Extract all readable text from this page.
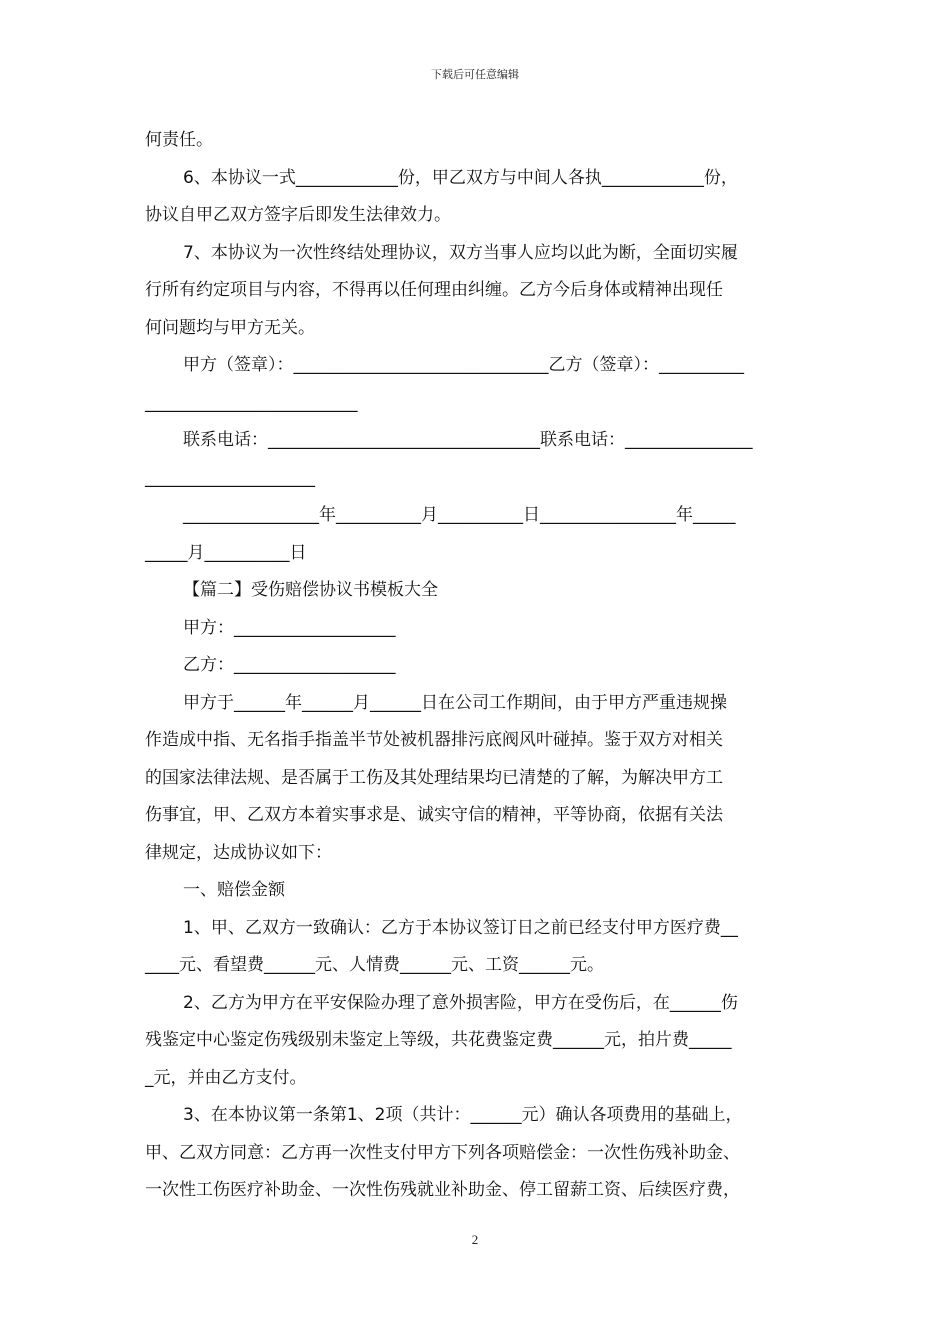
下载后可任意编辑
何责任。
6、本协议一式____________份，甲乙双方与中间人各执____________份，
协议自甲乙双方签字后即发生法律效力。
7、本协议为一次性终结处理协议，双方当事人应均以此为断，全面切实履
行所有约定项目与内容，不得再以任何理由纠缠。乙方今后身体或精神出现任
何问题均与甲方无关。
甲方（签章）：______________________________乙方（签章）：__________
_________________________
联系电话：________________________________联系电话：_______________
____________________
________________年__________月__________日________________年_____
_____月__________日
【篇二】受伤赔偿协议书模板大全
甲方：___________________
乙方：___________________
甲方于______年______月______日在公司工作期间，由于甲方严重违规操
作造成中指、无名指手指盖半节处被机器排污底阀风叶碰掉。鉴于双方对相关
的国家法律法规、是否属于工伤及其处理结果均已清楚的了解，为解决甲方工
伤事宜，甲、乙双方本着实事求是、诚实守信的精神，平等协商，依据有关法
律规定，达成协议如下：
一、赔偿金额
1、甲、乙双方一致确认：乙方于本协议签订日之前已经支付甲方医疗费__
____元、看望费______元、人情费______元、工资______元。
2、乙方为甲方在平安保险办理了意外损害险，甲方在受伤后，在______伤
残鉴定中心鉴定伤残级别未鉴定上等级，共花费鉴定费______元，拍片费_____
_元，并由乙方支付。
3、在本协议第一条第1、2项（共计：______元）确认各项费用的基础上，
甲、乙双方同意：乙方再一次性支付甲方下列各项赔偿金：一次性伤残补助金、
一次性工伤医疗补助金、一次性伤残就业补助金、停工留薪工资、后续医疗费，
2
